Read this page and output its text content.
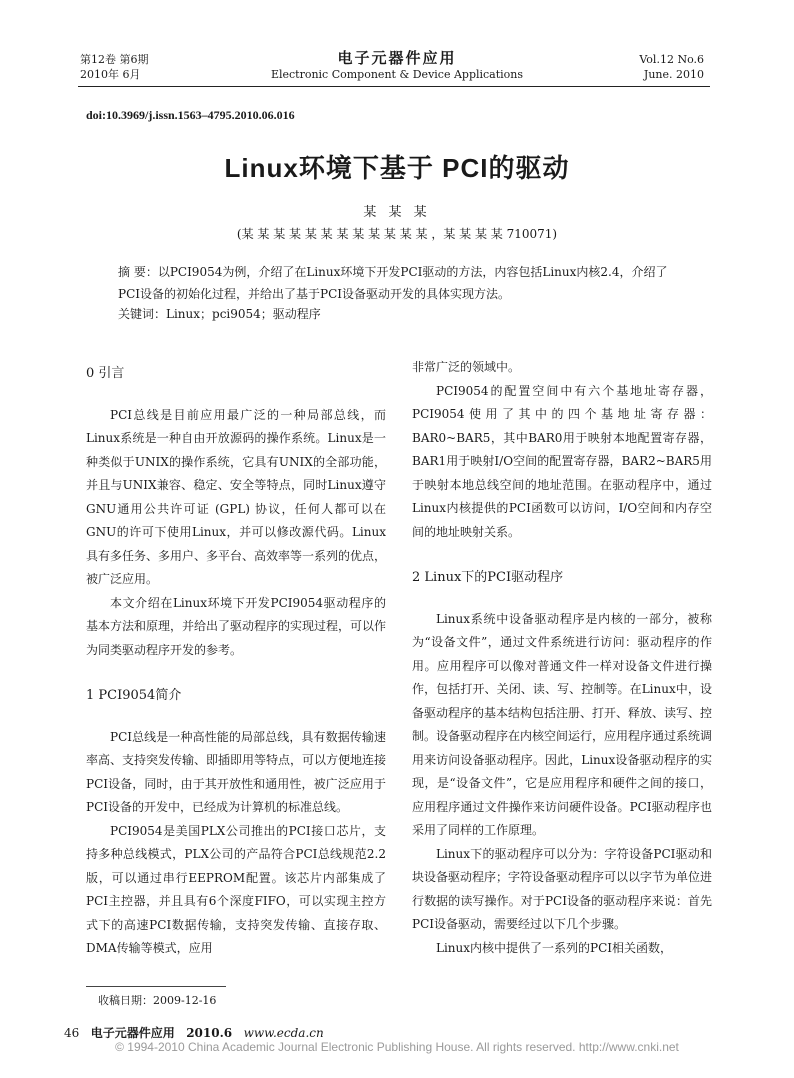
第12卷 第6期
2010年 6月
电子元器件应用
Electronic Component & Device Applications
Vol.12 No.6
June. 2010
doi:10.3969/j.issn.1563–4795.2010.06.016
Linux环境下基于 PCI的驱动
某 某 某
(某 某 某 某 某 某 某 某 某 某 某 某 ，某 某 某 某 710071)
摘 要：以PCI9054为例，介绍了在Linux环境下开发PCI驱动的方法，内容包括Linux内核2.4，介绍了PCI设备的初始化过程，并给出了基于PCI设备驱动开发的具体实现方法。
关键词：Linux；pci9054；驱动程序
0 引言

PCI总线是目前应用最广泛的一种局部总线，而Linux系统是一种自由开放源码的操作系统。Linux是一种类似于UNIX的操作系统，它具有UNIX的全部功能，并且与UNIX兼容、稳定、安全等特点，同时Linux遵守GNU通用公共许可证 (GPL) 协议，任何人都可以在GNU的许可下使用Linux，并可以修改源代码。Linux具有多任务、多用户、多平台、高效率等一系列的优点，被广泛应用。

本文介绍在Linux环境下开发PCI9054驱动程序的基本方法和原理，并给出了驱动程序的实现过程，可以作为同类驱动程序开发的参考。

1 PCI9054简介

PCI总线是一种高性能的局部总线，具有数据传输速率高、支持突发传输、即插即用等特点，可以方便地连接PCI设备，同时，由于其开放性和通用性，被广泛应用于PCI设备的开发中，已经成为计算机的标准总线。

PCI9054是美国PLX公司推出的PCI接口芯片，支持多种总线模式，PLX公司的产品符合PCI总线规范2.2版，可以通过串行EEPROM配置。该芯片内部集成了PCI主控器，并且具有6个深度FIFO，可以实现主控方式下的高速PCI数据传输，支持突发传输、直接存取、DMA传输等模式，应用

非常广泛的领域中。

PCI9054的配置空间中有六个基地址寄存器，PCI9054使用了其中的四个基地址寄存器：BAR0~BAR5，其中BAR0用于映射本地配置寄存器，BAR1用于映射I/O空间的配置寄存器，BAR2~BAR5用于映射本地总线空间的地址范围。在驱动程序中，通过Linux内核提供的PCI函数可以访问，I/O空间和内存空间的地址映射关系。

2 Linux下的PCI驱动程序

Linux系统中设备驱动程序是内核的一部分，被称为“设备文件”，通过文件系统进行访问：驱动程序的作用。应用程序可以像对普通文件一样对设备文件进行操作，包括打开、关闭、读、写、控制等。在Linux中，设备驱动程序的基本结构包括注册、打开、释放、读写、控制。设备驱动程序在内核空间运行，应用程序通过系统调用来访问设备驱动程序。因此，Linux设备驱动程序的实现，是“设备文件”，它是应用程序和硬件之间的接口，应用程序通过文件操作来访问硬件设备。PCI驱动程序也采用了同样的工作原理。

Linux下的驱动程序可以分为：字符设备PCI驱动和块设备驱动程序；字符设备驱动程序可以以字节为单位进行数据的读写操作。对于PCI设备的驱动程序来说：首先PCI设备驱动，需要经过以下几个步骤。

Linux内核中提供了一系列的PCI相关函数，

收稿日期：2009-12-16
46 电子元器件应用 2010.6 www.ecda.cn
© 1994-2010 China Academic Journal Electronic Publishing House. All rights reserved. http://www.cnki.net
